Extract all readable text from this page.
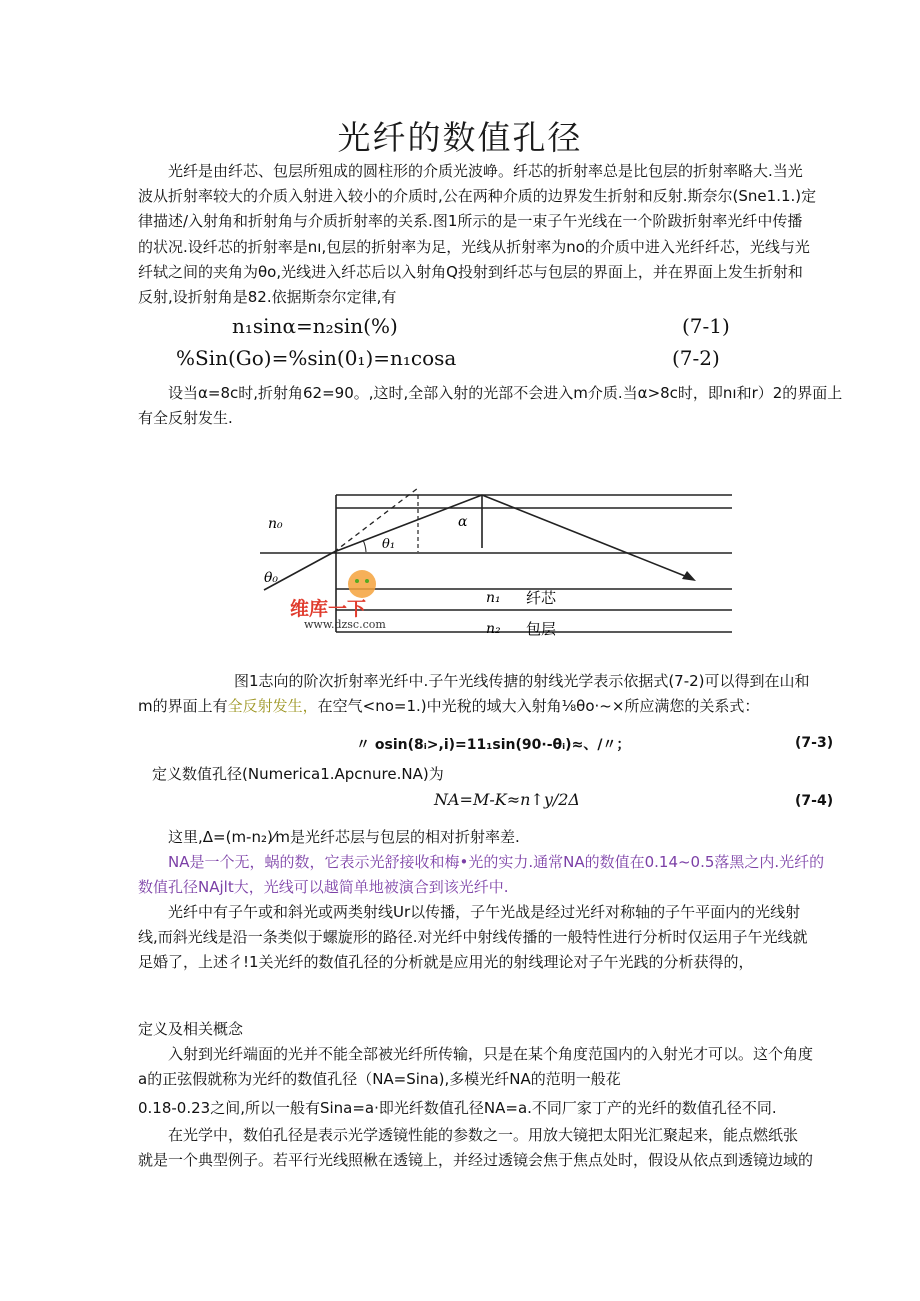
光纤的数值孔径
光纤是由纤芯、包层所殂成的圆柱形的介质光波峥。纤芯的折射率总是比包层的折射率略大.当光
波从折射率较大的介质入射进入较小的介质时,公在两种介质的边界发生折射和反射.斯奈尔(Sne1.1.)定
律描述/入射角和折射角与介质折射率的关系.图1所示的是一束子午光线在一个阶跋折射率光纤中传播
的状况.设纤芯的折射率是nı,包层的折射率为足，光线从折射率为no的介质中进入光纤纤芯，光线与光
纤轼之间的夹角为θo,光线进入纤芯后以入射角Q投射到纤芯与包层的界面上，并在界面上发生折射和
反射,设折射角是82.依据斯奈尔定律,有
n₁sinα=n₂sin(%)	(7-1)
%Sin(Go)=%sin(0₁)=n₁cosa	(7-2)
设当α=8c时,折射角62=90。,这时,全部入射的光部不会进入m介质.当α>8c时，即nı和r）2的界面上
有全反射发生.
n₀
θ₀
θ₁
α
n₁
n₂
纤芯
包层
维库一下
www.dzsc.com
图1志向的阶次折射率光纤中.子午光线传搪的射线光学表示依据式(7-2)可以得到在山和
m的界面上有全反射发生，在空气<no=1.)中光稅的域大入射角⅛θo·~×所应满您的关系式：
〃 osin(8ᵢ>,i)=11₁sin(90·-θᵢ)≈、/〃；	(7-3)
定义数值孔径(Numerica1.Apcnure.NA)为
NA=M-K≈n↑y/2Δ	(7-4)
这里,Δ=(m-n₂)⁄m是光纤芯层与包层的相对折射率差.
NA是一个无，蜗的数，它表示光舒接收和梅•光的实力.通常NA的数值在0.14~0.5落黑之内.光纤的
数值孔径NAjlt大，光线可以越简单地被演合到该光纤中.
光纤中有子午或和斜光或两类射线Ur以传播，子午光战是经过光纤对称轴的子午平面内的光线射
线,而斜光线是沿一条类似于螺旋形的路径.对光纤中射线传播的一般特性进行分析时仅运用子午光线就
足婚了，上述彳!1关光纤的数值孔径的分析就是应用光的射线理论对子午光践的分析获得的，
定义及相关概念
入射到光纤端面的光并不能全部被光纤所传输，只是在某个角度范国内的入射光才可以。这个角度
a的正弦假就称为光纤的数值孔径（NA=Sina),多模光纤NA的范明一般花
0.18-0.23之间,所以一般有Sina=a·即光纤数值孔径NA=a.不同厂家丁产的光纤的数值孔径不同.
在光学中，数伯孔径是表示光学透镜性能的参数之一。用放大镜把太阳光汇聚起来，能点燃纸张
就是一个典型例子。若平行光线照楸在透镜上，并经过透镜会焦于焦点处时，假设从依点到透镜边域的
